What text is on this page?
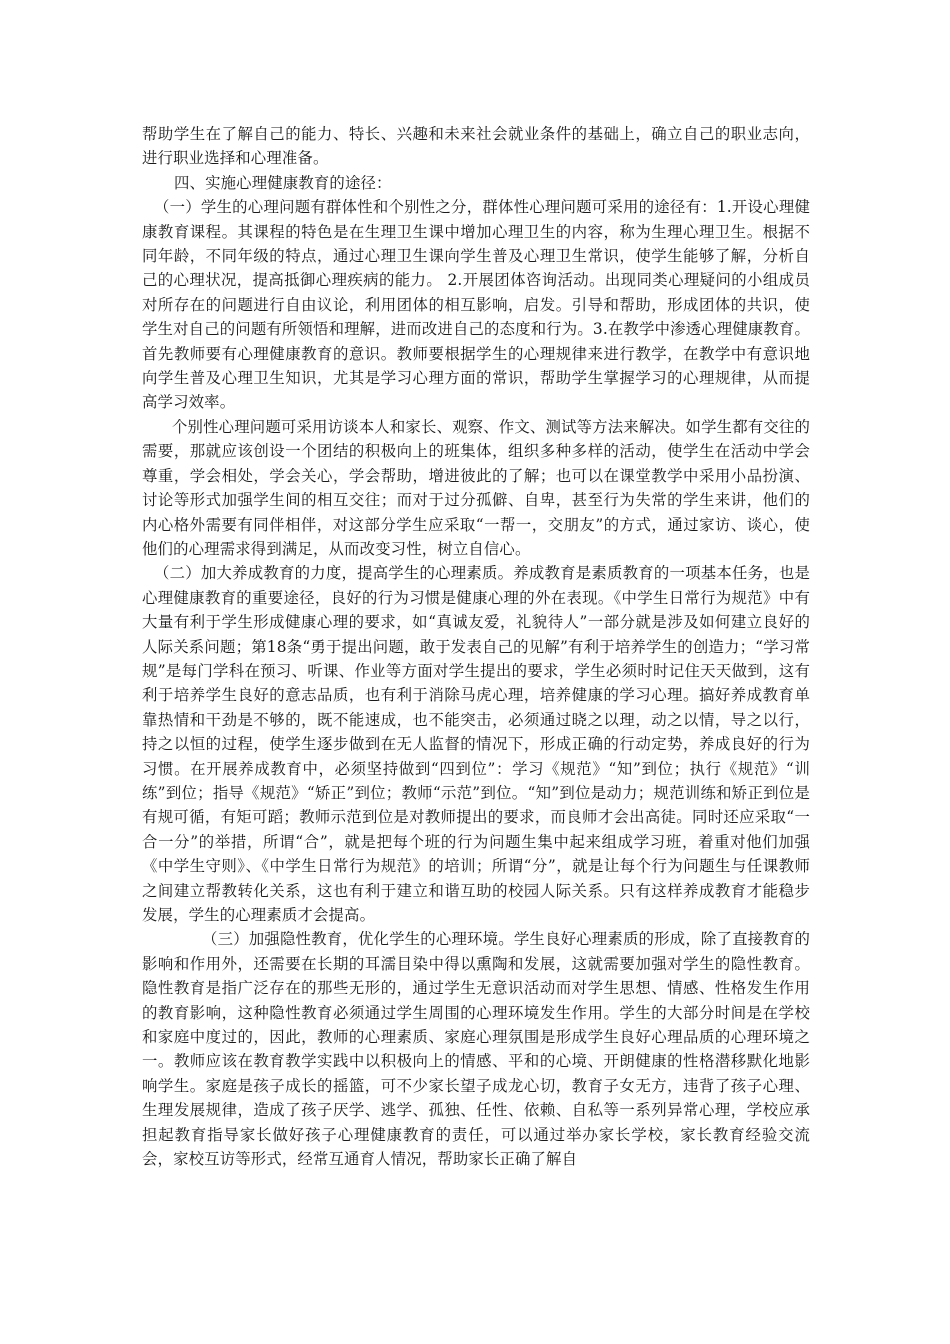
帮助学生在了解自己的能力、特长、兴趣和未来社会就业条件的基础上，确立自己的职业志向，进行职业选择和心理准备。

四、实施心理健康教育的途径：

（一）学生的心理问题有群体性和个别性之分，群体性心理问题可采用的途径有：1.开设心理健康教育课程。其课程的特色是在生理卫生课中增加心理卫生的内容，称为生理心理卫生。根据不同年龄，不同年级的特点，通过心理卫生课向学生普及心理卫生常识，使学生能够了解，分析自己的心理状况，提高抵御心理疾病的能力。 2.开展团体咨询活动。出现同类心理疑问的小组成员对所存在的问题进行自由议论，利用团体的相互影响，启发。引导和帮助，形成团体的共识，使学生对自己的问题有所领悟和理解，进而改进自己的态度和行为。3.在教学中渗透心理健康教育。首先教师要有心理健康教育的意识。教师要根据学生的心理规律来进行教学，在教学中有意识地向学生普及心理卫生知识，尤其是学习心理方面的常识，帮助学生掌握学习的心理规律，从而提高学习效率。

个别性心理问题可采用访谈本人和家长、观察、作文、测试等方法来解决。如学生都有交往的需要，那就应该创设一个团结的积极向上的班集体，组织多种多样的活动，使学生在活动中学会尊重，学会相处，学会关心，学会帮助，增进彼此的了解；也可以在课堂教学中采用小品扮演、讨论等形式加强学生间的相互交往；而对于过分孤僻、自卑，甚至行为失常的学生来讲，他们的内心格外需要有同伴相伴，对这部分学生应采取“一帮一，交朋友”的方式，通过家访、谈心，使他们的心理需求得到满足，从而改变习性，树立自信心。

（二）加大养成教育的力度，提高学生的心理素质。养成教育是素质教育的一项基本任务，也是心理健康教育的重要途径，良好的行为习惯是健康心理的外在表现。《中学生日常行为规范》中有大量有利于学生形成健康心理的要求，如“真诚友爱，礼貌待人”一部分就是涉及如何建立良好的人际关系问题；第18条“勇于提出问题，敢于发表自己的见解”有利于培养学生的创造力；“学习常规”是每门学科在预习、听课、作业等方面对学生提出的要求，学生必须时时记住天天做到，这有利于培养学生良好的意志品质，也有利于消除马虎心理，培养健康的学习心理。搞好养成教育单靠热情和干劲是不够的，既不能速成，也不能突击，必须通过晓之以理，动之以情，导之以行，持之以恒的过程，使学生逐步做到在无人监督的情况下，形成正确的行动定势，养成良好的行为习惯。在开展养成教育中，必须坚持做到“四到位”：学习《规范》“知”到位；执行《规范》“训练”到位；指导《规范》“矫正”到位；教师“示范”到位。“知”到位是动力；规范训练和矫正到位是有规可循，有矩可蹈；教师示范到位是对教师提出的要求，而良师才会出高徒。同时还应采取“一合一分”的举措，所谓“合”，就是把每个班的行为问题生集中起来组成学习班，着重对他们加强《中学生守则》、《中学生日常行为规范》的培训；所谓“分”，就是让每个行为问题生与任课教师之间建立帮教转化关系，这也有利于建立和谐互助的校园人际关系。只有这样养成教育才能稳步发展，学生的心理素质才会提高。

（三）加强隐性教育，优化学生的心理环境。学生良好心理素质的形成，除了直接教育的影响和作用外，还需要在长期的耳濡目染中得以熏陶和发展，这就需要加强对学生的隐性教育。隐性教育是指广泛存在的那些无形的，通过学生无意识活动而对学生思想、情感、性格发生作用的教育影响，这种隐性教育必须通过学生周围的心理环境发生作用。学生的大部分时间是在学校和家庭中度过的，因此，教师的心理素质、家庭心理氛围是形成学生良好心理品质的心理环境之一。教师应该在教育教学实践中以积极向上的情感、平和的心境、开朗健康的性格潜移默化地影响学生。家庭是孩子成长的摇篮，可不少家长望子成龙心切，教育子女无方，违背了孩子心理、生理发展规律，造成了孩子厌学、逃学、孤独、任性、依赖、自私等一系列异常心理，学校应承担起教育指导家长做好孩子心理健康教育的责任，可以通过举办家长学校，家长教育经验交流会，家校互访等形式，经常互通育人情况，帮助家长正确了解自
